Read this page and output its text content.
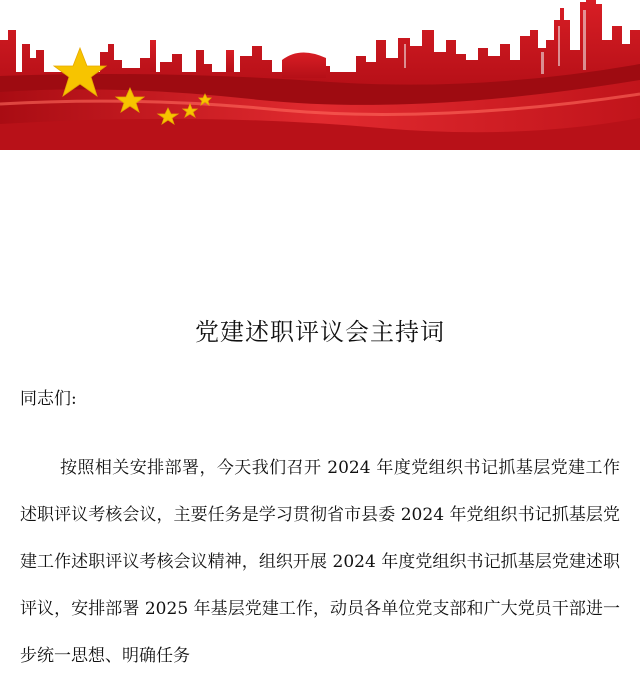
党建述职评议会主持词
同志们:

按照相关安排部署，今天我们召开 2024 年度党组织书记抓基层党建工作述职评议考核会议，主要任务是学习贯彻省市县委 2024 年党组织书记抓基层党建工作述职评议考核会议精神，组织开展 2024 年度党组织书记抓基层党建述职评议，安排部署 2025 年基层党建工作，动员各单位党支部和广大党员干部进一步统一思想、明确任务
